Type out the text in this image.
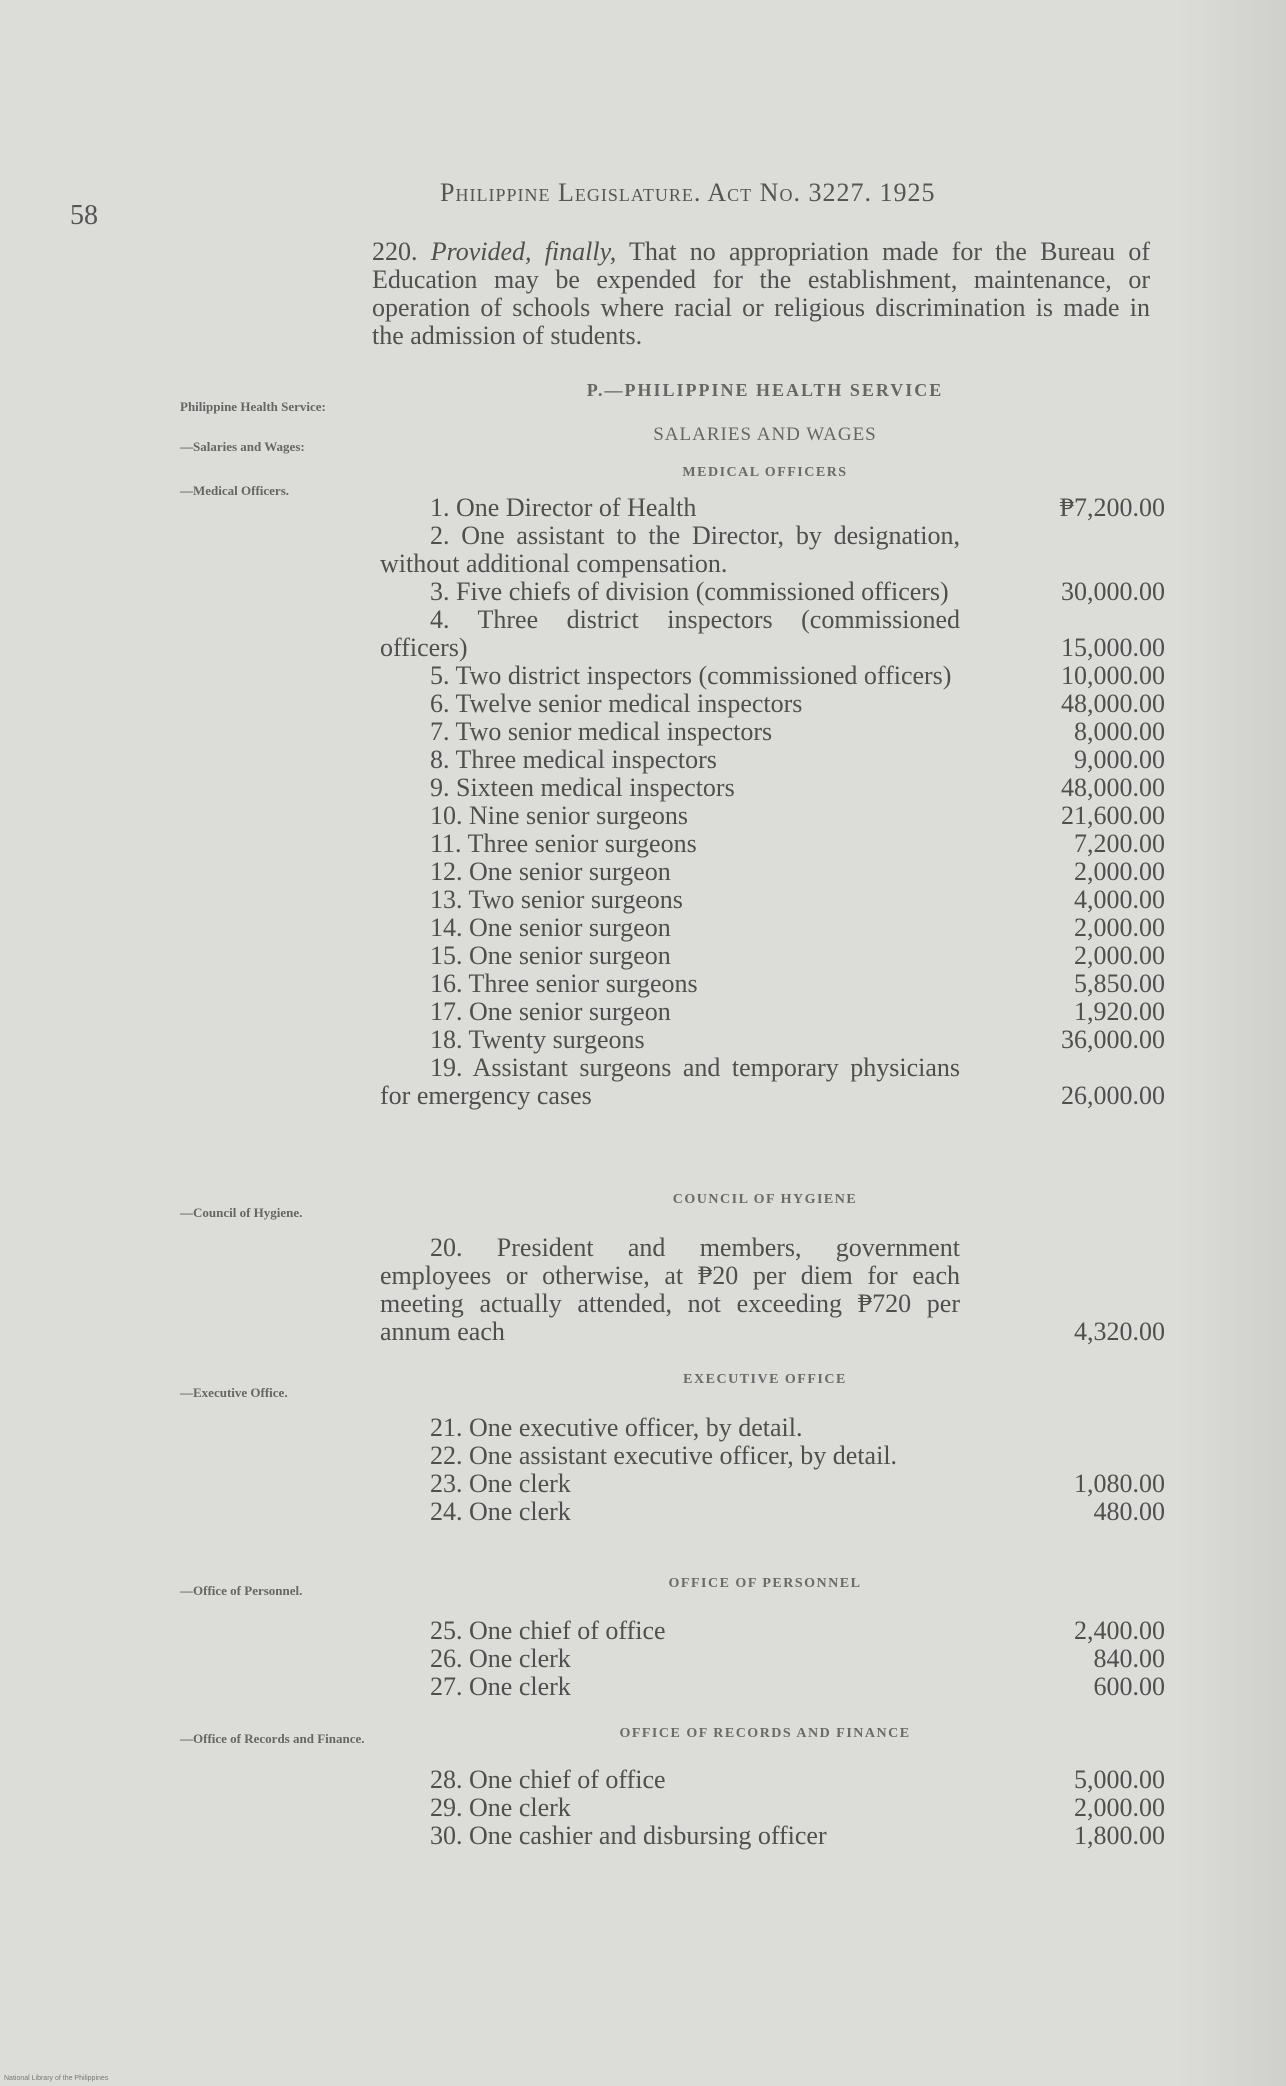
58
Philippine Legislature. Act No. 3227. 1925
220. Provided, finally, That no appropriation made for the Bureau of Education may be expended for the establishment, maintenance, or operation of schools where racial or religious discrimination is made in the admission of students.
Philippine Health Service:
—Salaries and Wages:
—Medical Officers.
—Council of Hygiene.
—Executive Office.
—Office of Personnel.
—Office of Records and Finance.
P.—PHILIPPINE HEALTH SERVICE
SALARIES AND WAGES
MEDICAL OFFICERS
1. One Director of Health	₱7,200.00
2. One assistant to the Director, by designation, without additional compensation.
3. Five chiefs of division (commissioned officers)	30,000.00
4. Three district inspectors (commissioned officers)	15,000.00
5. Two district inspectors (commissioned officers)	10,000.00
6. Twelve senior medical inspectors	48,000.00
7. Two senior medical inspectors	8,000.00
8. Three medical inspectors	9,000.00
9. Sixteen medical inspectors	48,000.00
10. Nine senior surgeons	21,600.00
11. Three senior surgeons	7,200.00
12. One senior surgeon	2,000.00
13. Two senior surgeons	4,000.00
14. One senior surgeon	2,000.00
15. One senior surgeon	2,000.00
16. Three senior surgeons	5,850.00
17. One senior surgeon	1,920.00
18. Twenty surgeons	36,000.00
19. Assistant surgeons and temporary physicians for emergency cases	26,000.00
COUNCIL OF HYGIENE
20. President and members, government employees or otherwise, at ₱20 per diem for each meeting actually attended, not exceeding ₱720 per annum each	4,320.00
EXECUTIVE OFFICE
21. One executive officer, by detail.
22. One assistant executive officer, by detail.
23. One clerk	1,080.00
24. One clerk	480.00
OFFICE OF PERSONNEL
25. One chief of office	2,400.00
26. One clerk	840.00
27. One clerk	600.00
OFFICE OF RECORDS AND FINANCE
28. One chief of office	5,000.00
29. One clerk	2,000.00
30. One cashier and disbursing officer	1,800.00
National Library of the Philippines
